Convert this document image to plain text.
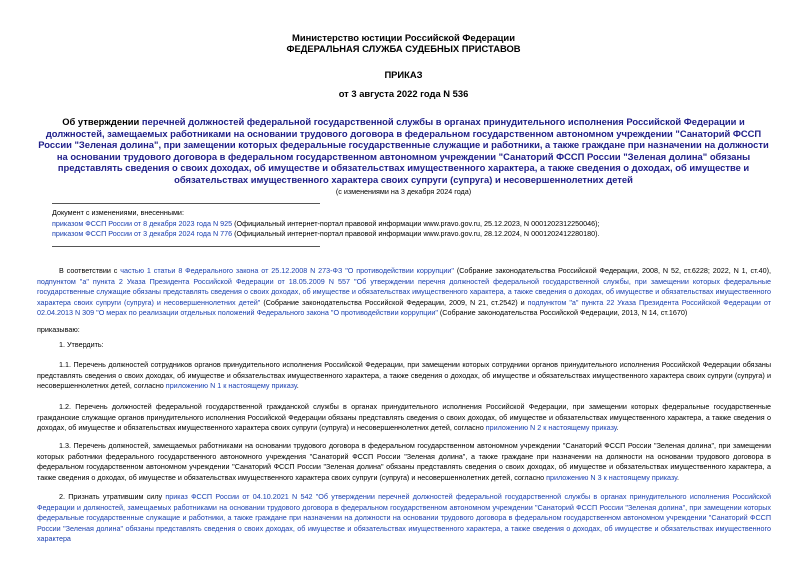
Министерство юстиции Российской Федерации
ФЕДЕРАЛЬНАЯ СЛУЖБА СУДЕБНЫХ ПРИСТАВОВ
ПРИКАЗ
от 3 августа 2022 года N 536
Об утверждении перечней должностей федеральной государственной службы в органах принудительного исполнения Российской Федерации и должностей, замещаемых работниками на основании трудового договора в федеральном государственном автономном учреждении "Санаторий ФССП России "Зеленая долина", при замещении которых федеральные государственные служащие и работники, а также граждане при назначении на должности на основании трудового договора в федеральном государственном автономном учреждении "Санаторий ФССП России "Зеленая долина" обязаны представлять сведения о своих доходах, об имуществе и обязательствах имущественного характера, а также сведения о доходах, об имуществе и обязательствах имущественного характера своих супруги (супруга) и несовершеннолетних детей
(с изменениями на 3 декабря 2024 года)
Документ с изменениями, внесенными:
приказом ФССП России от 8 декабря 2023 года N 925 (Официальный интернет-портал правовой информации www.pravo.gov.ru, 25.12.2023, N 0001202312250046);
приказом ФССП России от 3 декабря 2024 года N 776 (Официальный интернет-портал правовой информации www.pravo.gov.ru, 28.12.2024, N 0001202412280180).

В соответствии с частью 1 статьи 8 Федерального закона от 25.12.2008 N 273-ФЗ "О противодействии коррупции" (Собрание законодательства Российской Федерации, 2008, N 52, ст.6228; 2022, N 1, ст.40), подпунктом "а" пункта 2 Указа Президента Российской Федерации от 18.05.2009 N 557 "Об утверждении перечня должностей федеральной государственной службы, при замещении которых федеральные государственные служащие обязаны представлять сведения о своих доходах, об имуществе и обязательствах имущественного характера, а также сведения о доходах, об имуществе и обязательствах имущественного характера своих супруги (супруга) и несовершеннолетних детей" (Собрание законодательства Российской Федерации, 2009, N 21, ст.2542) и подпунктом "а" пункта 22 Указа Президента Российской Федерации от 02.04.2013 N 309 "О мерах по реализации отдельных положений Федерального закона "О противодействии коррупции" (Собрание законодательства Российской Федерации, 2013, N 14, ст.1670)

приказываю:
1. Утвердить:

1.1. Перечень должностей сотрудников органов принудительного исполнения Российской Федерации, при замещении которых сотрудники органов принудительного исполнения Российской Федерации обязаны представлять сведения о своих доходах, об имуществе и обязательствах имущественного характера, а также сведения о доходах, об имуществе и обязательствах имущественного характера своих супруги (супруга) и несовершеннолетних детей, согласно приложению N 1 к настоящему приказу.

1.2. Перечень должностей федеральной государственной гражданской службы в органах принудительного исполнения Российской Федерации, при замещении которых федеральные государственные гражданские служащие органов принудительного исполнения Российской Федерации обязаны представлять сведения о своих доходах, об имуществе и обязательствах имущественного характера, а также сведения о доходах, об имуществе и обязательствах имущественного характера своих супруги (супруга) и несовершеннолетних детей, согласно приложению N 2 к настоящему приказу.

1.3. Перечень должностей, замещаемых работниками на основании трудового договора в федеральном государственном автономном учреждении "Санаторий ФССП России "Зеленая долина", при замещении которых работники федерального государственного автономного учреждения "Санаторий ФССП России "Зеленая долина", а также граждане при назначении на должности на основании трудового договора в федеральном государственном автономном учреждении "Санаторий ФССП России "Зеленая долина" обязаны представлять сведения о своих доходах, об имуществе и обязательствах имущественного характера, а также сведения о доходах, об имуществе и обязательствах имущественного характера своих супруги (супруга) и несовершеннолетних детей, согласно приложению N 3 к настоящему приказу.

2. Признать утратившим силу приказ ФССП России от 04.10.2021 N 542 "Об утверждении перечней должностей федеральной государственной службы в органах принудительного исполнения Российской Федерации и должностей, замещаемых работниками на основании трудового договора в федеральном государственном автономном учреждении "Санаторий ФССП России "Зеленая долина", при замещении которых федеральные государственные служащие и работники, а также граждане при назначении на должности на основании трудового договора в федеральном государственном автономном учреждении "Санаторий ФССП России "Зеленая долина" обязаны представлять сведения о своих доходах, об имуществе и обязательствах имущественного характера, а также сведения о доходах, об имуществе и обязательствах имущественного характера
